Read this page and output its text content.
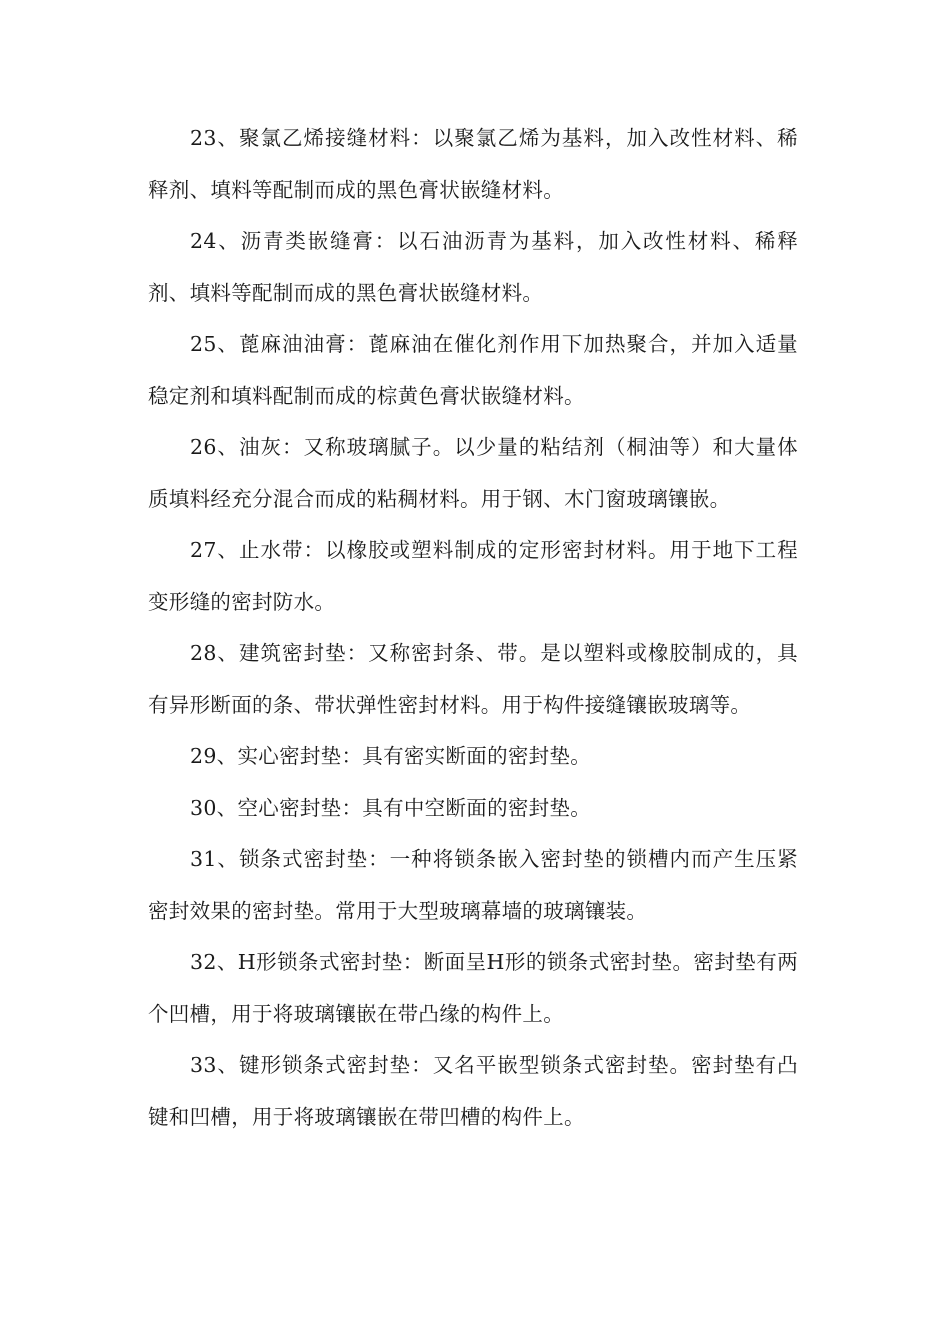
23、聚氯乙烯接缝材料：以聚氯乙烯为基料，加入改性材料、稀释剂、填料等配制而成的黑色膏状嵌缝材料。

24、沥青类嵌缝膏：以石油沥青为基料，加入改性材料、稀释剂、填料等配制而成的黑色膏状嵌缝材料。

25、蓖麻油油膏：蓖麻油在催化剂作用下加热聚合，并加入适量稳定剂和填料配制而成的棕黄色膏状嵌缝材料。

26、油灰：又称玻璃腻子。以少量的粘结剂（桐油等）和大量体质填料经充分混合而成的粘稠材料。用于钢、木门窗玻璃镶嵌。

27、止水带：以橡胶或塑料制成的定形密封材料。用于地下工程变形缝的密封防水。

28、建筑密封垫：又称密封条、带。是以塑料或橡胶制成的，具有异形断面的条、带状弹性密封材料。用于构件接缝镶嵌玻璃等。

29、实心密封垫：具有密实断面的密封垫。

30、空心密封垫：具有中空断面的密封垫。

31、锁条式密封垫：一种将锁条嵌入密封垫的锁槽内而产生压紧密封效果的密封垫。常用于大型玻璃幕墙的玻璃镶装。

32、H形锁条式密封垫：断面呈H形的锁条式密封垫。密封垫有两个凹槽，用于将玻璃镶嵌在带凸缘的构件上。

33、键形锁条式密封垫：又名平嵌型锁条式密封垫。密封垫有凸键和凹槽，用于将玻璃镶嵌在带凹槽的构件上。
